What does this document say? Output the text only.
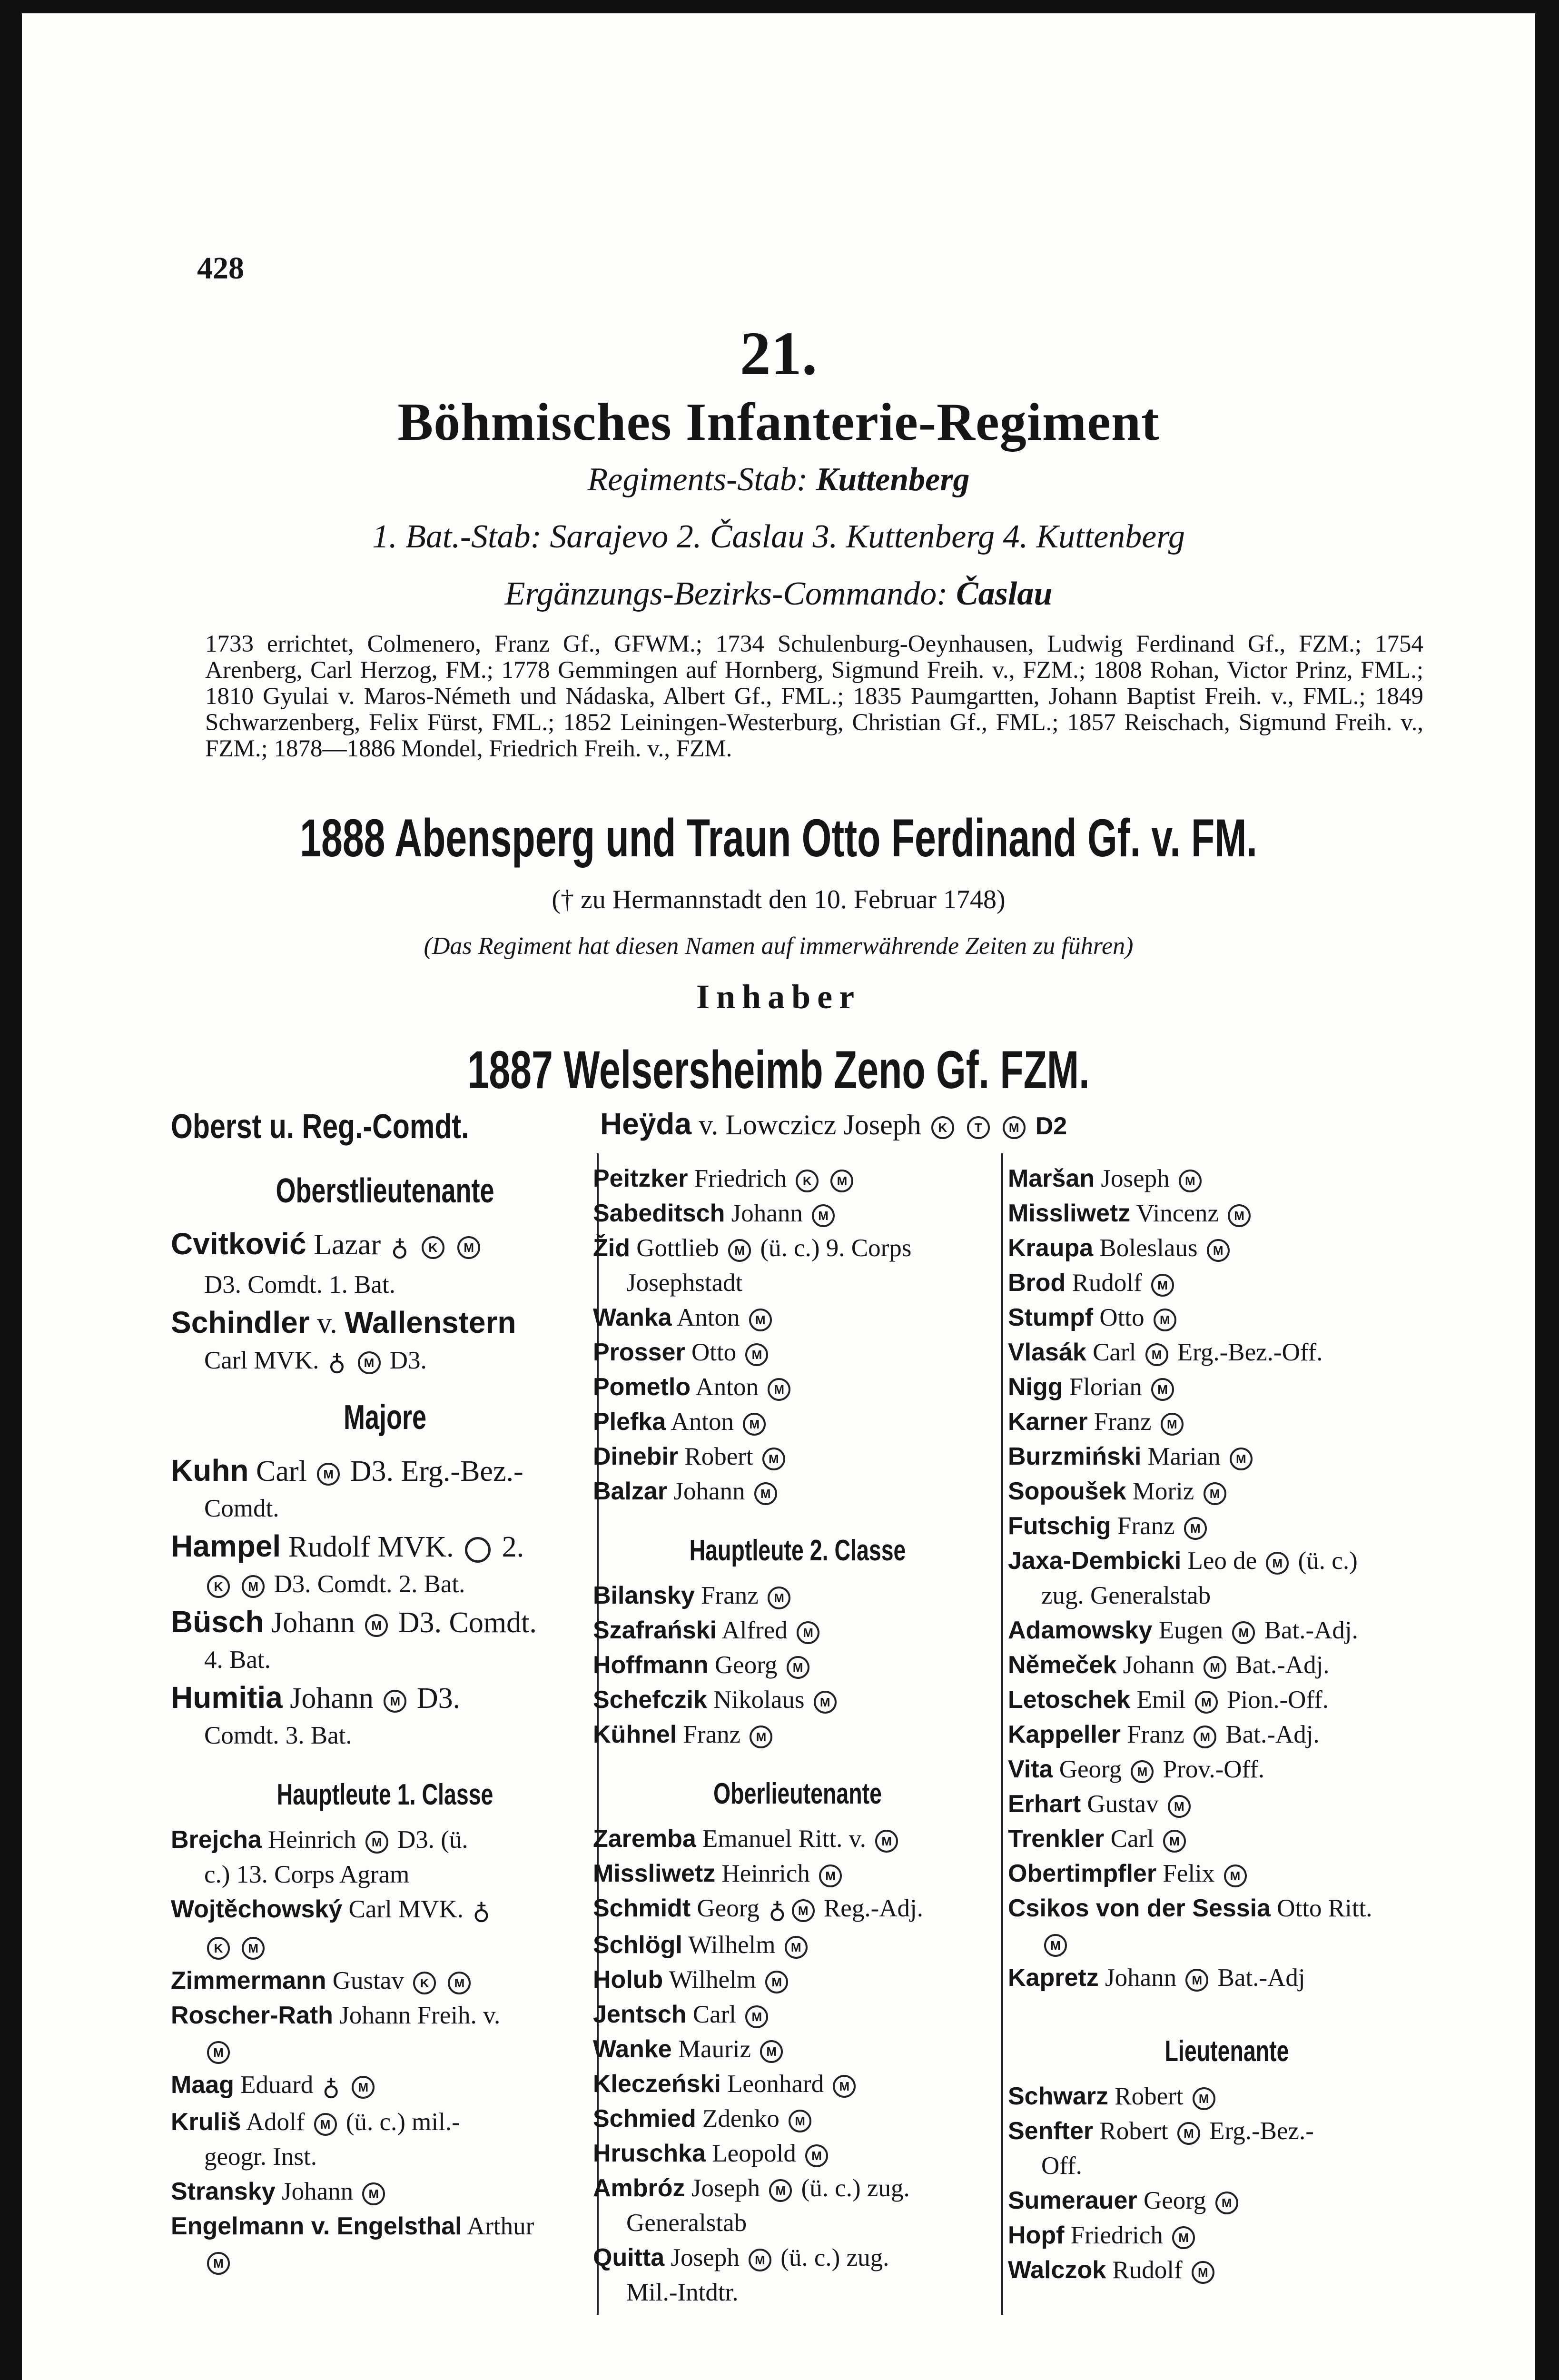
428
21.
Böhmisches Infanterie-Regiment
Regiments-Stab: Kuttenberg
1. Bat.-Stab: Sarajevo 2. Časlau 3. Kuttenberg 4. Kuttenberg
Ergänzungs-Bezirks-Commando: Časlau
1733 errichtet, Colmenero, Franz Gf., GFWM.; 1734 Schulenburg-Oeynhausen, Ludwig Ferdinand Gf., FZM.; 1754 Arenberg, Carl Herzog, FM.; 1778 Gemmingen auf Hornberg, Sigmund Freih. v., FZM.; 1808 Rohan, Victor Prinz, FML.; 1810 Gyulai v. Maros-Németh und Nádaska, Albert Gf., FML.; 1835 Paumgartten, Johann Baptist Freih. v., FML.; 1849 Schwarzenberg, Felix Fürst, FML.; 1852 Leiningen-Westerburg, Christian Gf., FML.; 1857 Reischach, Sigmund Freih. v., FZM.; 1878—1886 Mondel, Friedrich Freih. v., FZM.
1888 Abensperg und Traun Otto Ferdinand Gf. v. FM.
(† zu Hermannstadt den 10. Februar 1748)
(Das Regiment hat diesen Namen auf immerwährende Zeiten zu führen)
Inhaber
1887 Welsersheimb Zeno Gf. FZM.
Oberst u. Reg.-Comdt.	Heÿda v. Lowczicz Joseph K T M D2
Oberstlieutenante
Cvitković Lazar ♁ K M
D3. Comdt. 1. Bat.
Schindler v. Wallenstern
Carl MVK. ♁ M D3.
Majore
Kuhn Carl M D3. Erg.-Bez.-
Comdt.
Hampel Rudolf MVK. 2.
K M D3. Comdt. 2. Bat.
Büsch Johann M D3. Comdt.
4. Bat.
Humitia Johann M D3.
Comdt. 3. Bat.
Hauptleute 1. Classe
Brejcha Heinrich M D3. (ü.
c.) 13. Corps Agram
Wojtěchowský Carl MVK. ♁
K M
Zimmermann Gustav K M
Roscher-Rath Johann Freih. v.
M
Maag Eduard ♁ M
Kruliš Adolf M (ü. c.) mil.-
geogr. Inst.
Stransky Johann M
Engelmann v. Engelsthal Arthur
M
Peitzker Friedrich K M
Sabeditsch Johann M
Žid Gottlieb M (ü. c.) 9. Corps
Josephstadt
Wanka Anton M
Prosser Otto M
Pometlo Anton M
Plefka Anton M
Dinebir Robert M
Balzar Johann M
Hauptleute 2. Classe
Bilansky Franz M
Szafrański Alfred M
Hoffmann Georg M
Schefczik Nikolaus M
Kühnel Franz M
Oberlieutenante
Zaremba Emanuel Ritt. v. M
Missliwetz Heinrich M
Schmidt Georg ♁ M Reg.-Adj.
Schlögl Wilhelm M
Holub Wilhelm M
Jentsch Carl M
Wanke Mauriz M
Kleczeński Leonhard M
Schmied Zdenko M
Hruschka Leopold M
Ambróz Joseph M (ü. c.) zug.
Generalstab
Quitta Joseph M (ü. c.) zug.
Mil.-Intdtr.
Maršan Joseph M
Missliwetz Vincenz M
Kraupa Boleslaus M
Brod Rudolf M
Stumpf Otto M
Vlasák Carl M Erg.-Bez.-Off.
Nigg Florian M
Karner Franz M
Burzmiński Marian M
Sopoušek Moriz M
Futschig Franz M
Jaxa-Dembicki Leo de M (ü. c.)
zug. Generalstab
Adamowsky Eugen M Bat.-Adj.
Němeček Johann M Bat.-Adj.
Letoschek Emil M Pion.-Off.
Kappeller Franz M Bat.-Adj.
Vita Georg M Prov.-Off.
Erhart Gustav M
Trenkler Carl M
Obertimpfler Felix M
Csikos von der Sessia Otto Ritt.
M
Kapretz Johann M Bat.-Adj
Lieutenante
Schwarz Robert M
Senfter Robert M Erg.-Bez.-
Off.
Sumerauer Georg M
Hopf Friedrich M
Walczok Rudolf M
